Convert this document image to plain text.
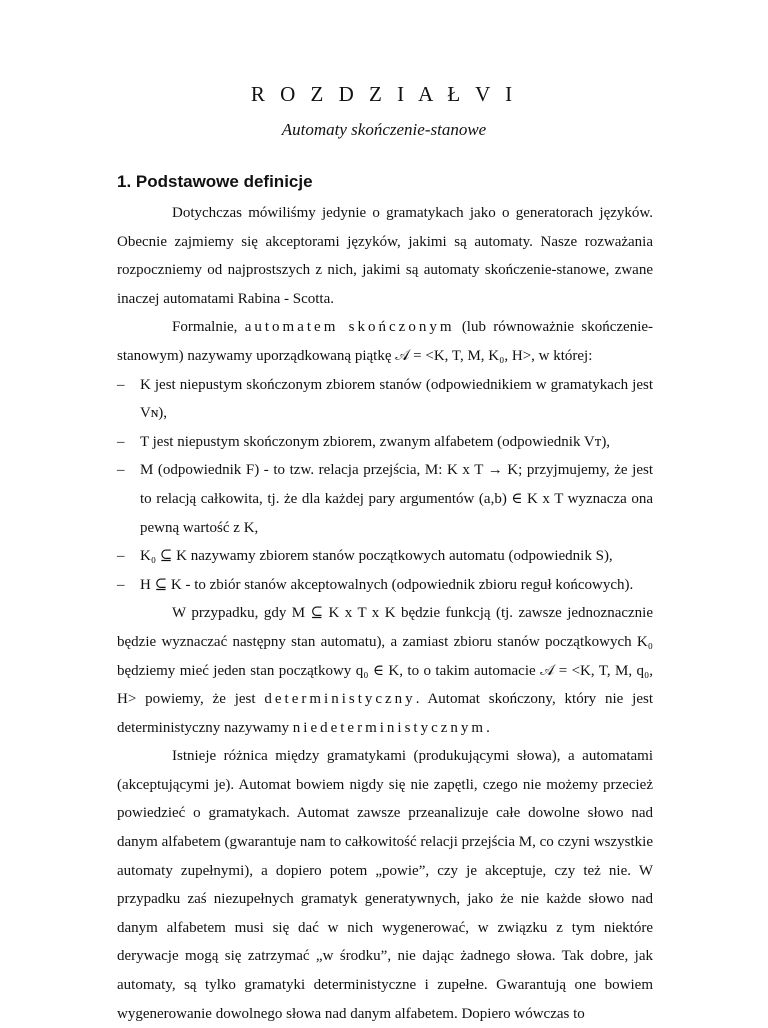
R O Z D Z I A Ł V I
Automaty skończenie-stanowe
1. Podstawowe definicje

Dotychczas mówiliśmy jedynie o gramatykach jako o generatorach języków. Obecnie zajmiemy się akceptorami języków, jakimi są automaty. Nasze rozważania rozpoczniemy od najprostszych z nich, jakimi są automaty skończenie-stanowe, zwane inaczej automatami Rabina - Scotta.

Formalnie, automatem skończonym (lub równoważnie skończenie-stanowym) nazywamy uporządkowaną piątkę 𝒜 = <K, T, M, K₀, H>, w której:

– K jest niepustym skończonym zbiorem stanów (odpowiednikiem w gramatykach jest Vɴ),
– T jest niepustym skończonym zbiorem, zwanym alfabetem (odpowiednik Vᴛ),
– M (odpowiednik F) - to tzw. relacja przejścia, M: K x T → K; przyjmujemy, że jest to relacją całkowita, tj. że dla każdej pary argumentów (a,b) ∈ K x T wyznacza ona pewną wartość z K,
– K₀ ⊆ K nazywamy zbiorem stanów początkowych automatu (odpowiednik S),
– H ⊆ K - to zbiór stanów akceptowalnych (odpowiednik zbioru reguł końcowych).

W przypadku, gdy M ⊆ K x T x K będzie funkcją (tj. zawsze jednoznacznie będzie wyznaczać następny stan automatu), a zamiast zbioru stanów początkowych K₀ będziemy mieć jeden stan początkowy q₀ ∈ K, to o takim automacie 𝒜 = <K, T, M, q₀, H> powiemy, że jest deterministyczny. Automat skończony, który nie jest deterministyczny nazywamy niedeterministycznym.

Istnieje różnica między gramatykami (produkującymi słowa), a automatami (akceptującymi je). Automat bowiem nigdy się nie zapętli, czego nie możemy przecież powiedzieć o gramatykach. Automat zawsze przeanalizuje całe dowolne słowo nad danym alfabetem (gwarantuje nam to całkowitość relacji przejścia M, co czyni wszystkie automaty zupełnymi), a dopiero potem „powie”, czy je akceptuje, czy też nie. W przypadku zaś niezupełnych gramatyk generatywnych, jako że nie każde słowo nad danym alfabetem musi się dać w nich wygenerować, w związku z tym niektóre derywacje mogą się zatrzymać „w środku”, nie dając żadnego słowa. Tak dobre, jak automaty, są tylko gramatyki deterministyczne i zupełne. Gwarantują one bowiem wygenerowanie dowolnego słowa nad danym alfabetem. Dopiero wówczas to
